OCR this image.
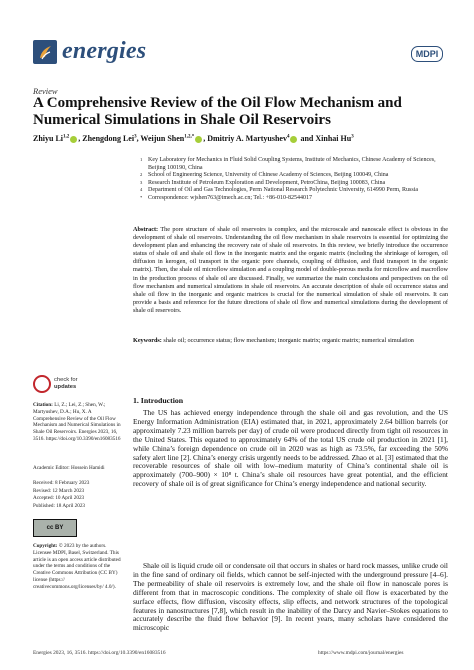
energies	MDPI
Review
A Comprehensive Review of the Oil Flow Mechanism and Numerical Simulations in Shale Oil Reservoirs
Zhiyu Li$^{1,2}$ , Zhengdong Lei$^3$, Weijun Shen$^{1,2,*}$ , Dmitriy A. Martyushev$^4$ and Xinhai Hu$^3$
1 Key Laboratory for Mechanics in Fluid Solid Coupling Systems, Institute of Mechanics, Chinese Academy of Sciences, Beijing 100190, China
2 School of Engineering Science, University of Chinese Academy of Sciences, Beijing 100049, China
3 Research Institute of Petroleum Exploration and Development, PetroChina, Beijing 100083, China
4 Department of Oil and Gas Technologies, Perm National Research Polytechnic University, 614990 Perm, Russia
* Correspondence: wjshen763@imech.ac.cn; Tel.: +86-010-82544017
Abstract: The pore structure of shale oil reservoirs is complex, and the microscale and nanoscale effect is obvious in the development of shale oil reservoirs. Understanding the oil flow mechanism in shale reservoirs is essential for optimizing the development plan and enhancing the recovery rate of shale oil reservoirs. In this review, we briefly introduce the occurrence status of shale oil and shale oil flow in the inorganic matrix and the organic matrix (including the shrinkage of kerogen, oil diffusion in kerogen, oil transport in the organic pore channels, coupling of diffusion, and fluid transport in the organic matrix). Then, the shale oil microflow simulation and a coupling model of double-porous media for microflow and macroflow in the production process of shale oil are discussed. Finally, we summarize the main conclusions and perspectives on the oil flow mechanism and numerical simulations in shale oil reservoirs. An accurate description of shale oil occurrence status and shale oil flow in the inorganic and organic matrices is crucial for the numerical simulation of shale oil reservoirs. It can provide a basis and reference for the future directions of shale oil flow and numerical simulations during the development of shale oil reservoirs.
Keywords: shale oil; occurrence status; flow mechanism; inorganic matrix; organic matrix; numerical simulation
check for
updates
Citation: Li, Z.; Lei, Z.; Shen, W.; Martyushev, D.A.; Hu, X. A Comprehensive Review of the Oil Flow Mechanism and Numerical Simulations in Shale Oil Reservoirs. Energies 2023, 16, 3516. https://doi.org/10.3390/en16083516
Academic Editor: Hossein Hamidi
Received: 8 February 2023
Revised: 12 March 2023
Accepted: 10 April 2023
Published: 18 April 2023
cc BY
Copyright: © 2023 by the authors. Licensee MDPI, Basel, Switzerland. This article is an open access article distributed under the terms and conditions of the Creative Commons Attribution (CC BY) license (https:// creativecommons.org/licenses/by/ 4.0/).
1. Introduction
The US has achieved energy independence through the shale oil and gas revolution, and the US Energy Information Administration (EIA) estimated that, in 2021, approximately 2.64 billion barrels (or approximately 7.23 million barrels per day) of crude oil were produced directly from tight oil resources in the United States. This equated to approximately 64% of the total US crude oil production in 2021 [1], while China’s foreign dependence on crude oil in 2020 was as high as 73.5%, far exceeding the 50% safety alert line [2]. China’s energy crisis urgently needs to be addressed. Zhao et al. [3] estimated that the recoverable resources of shale oil with low–medium maturity of China’s continental shale oil is approximately (700–900) × 10⁸ t. China’s shale oil resources have great potential, and the efficient recovery of shale oil is of great significance for China’s energy independence and national security.
Shale oil is liquid crude oil or condensate oil that occurs in shales or hard rock masses, unlike crude oil in the fine sand of ordinary oil fields, which cannot be self-injected with the underground pressure [4–6]. The permeability of shale oil reservoirs is extremely low, and the shale oil flow in nanoscale pores is different from that in macroscopic conditions. The complexity of shale oil flow is exacerbated by the surface effects, flow diffusion, viscosity effects, slip effects, and network structures of the topological features in nanostructures [7,8], which result in the inability of the Darcy and Navier–Stokes equations to accurately describe the fluid flow behavior [9]. In recent years, many scholars have considered the microscopic
Energies 2023, 16, 3516. https://doi.org/10.3390/en16083516	https://www.mdpi.com/journal/energies
